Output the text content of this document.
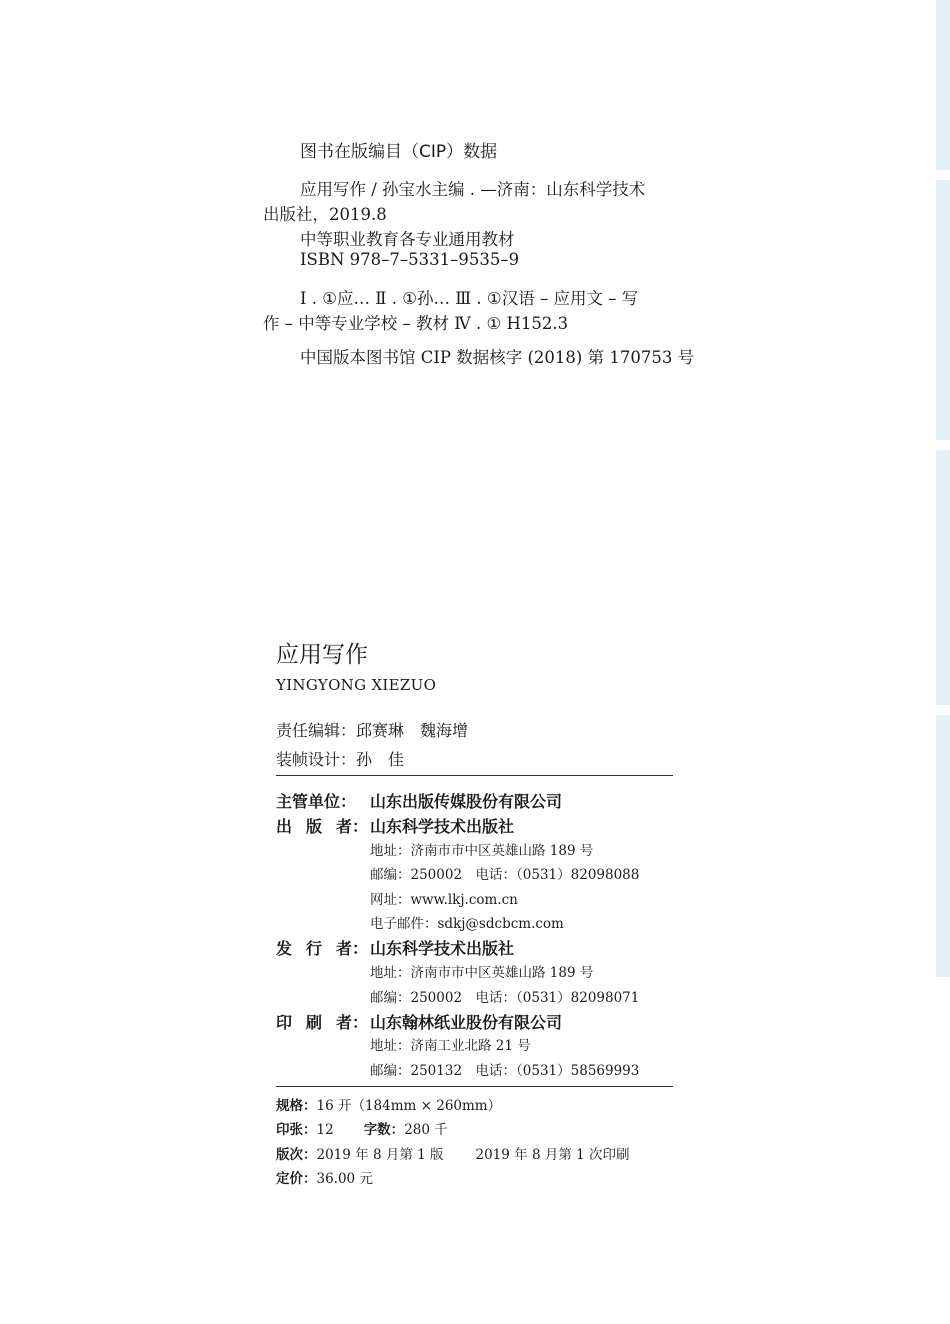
图书在版编目（CIP）数据
应用写作 / 孙宝水主编 . —济南：山东科学技术
出版社，2019.8
中等职业教育各专业通用教材
ISBN 978–7–5331–9535–9
Ⅰ . ①应… Ⅱ . ①孙… Ⅲ . ①汉语 – 应用文 – 写
作 – 中等专业学校 – 教材 Ⅳ . ① H152.3
中国版本图书馆 CIP 数据核字 (2018) 第 170753 号
应用写作
YINGYONG XIEZUO
责任编辑：邱赛琳　魏海增
装帧设计：孙　佳
主管单位： 山东出版传媒股份有限公司
出 版 者： 山东科学技术出版社
地址：济南市市中区英雄山路 189 号
邮编：250002　电话：（0531）82098088
网址：www.lkj.com.cn
电子邮件：sdkj@sdcbcm.com
发 行 者： 山东科学技术出版社
地址：济南市市中区英雄山路 189 号
邮编：250002　电话：（0531）82098071
印 刷 者： 山东翰林纸业股份有限公司
地址：济南工业北路 21 号
邮编：250132　电话：（0531）58569993
规格：16 开（184mm × 260mm）
印张：12 字数：280 千
版次：2019 年 8 月第 1 版 2019 年 8 月第 1 次印刷
定价：36.00 元
